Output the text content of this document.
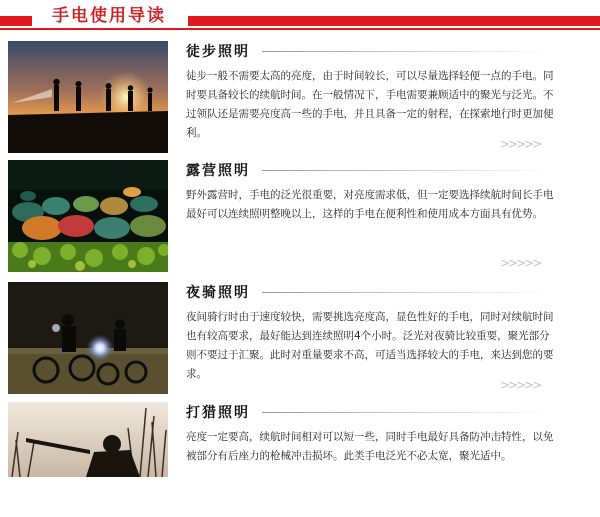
手电使用导读
徒步照明

徒步一般不需要太高的亮度，由于时间较长，可以尽量选择轻便一点的手电。同时要具备较长的续航时间。在一般情况下，手电需要兼顾适中的聚光与泛光。不过领队还是需要亮度高一些的手电，并且具备一定的射程，在探索地行时更加便利。

>>>>>
露营照明

野外露营时，手电的泛光很重要，对亮度需求低，但一定要选择续航时间长手电最好可以连续照明整晚以上，这样的手电在便利性和使用成本方面具有优势。

>>>>>
夜骑照明

夜间骑行时由于速度较快，需要挑选亮度高，显色性好的手电，同时对续航时间也有较高要求，最好能达到连续照明4个小时。泛光对夜骑比较重要，聚光部分则不要过于汇聚。此时对重量要求不高，可适当选择较大的手电，来达到您的要求。

>>>>>
打猎照明

亮度一定要高，续航时间相对可以短一些，同时手电最好具备防冲击特性，以免被部分有后座力的枪械冲击损坏。此类手电泛光不必太宽，聚光适中。
